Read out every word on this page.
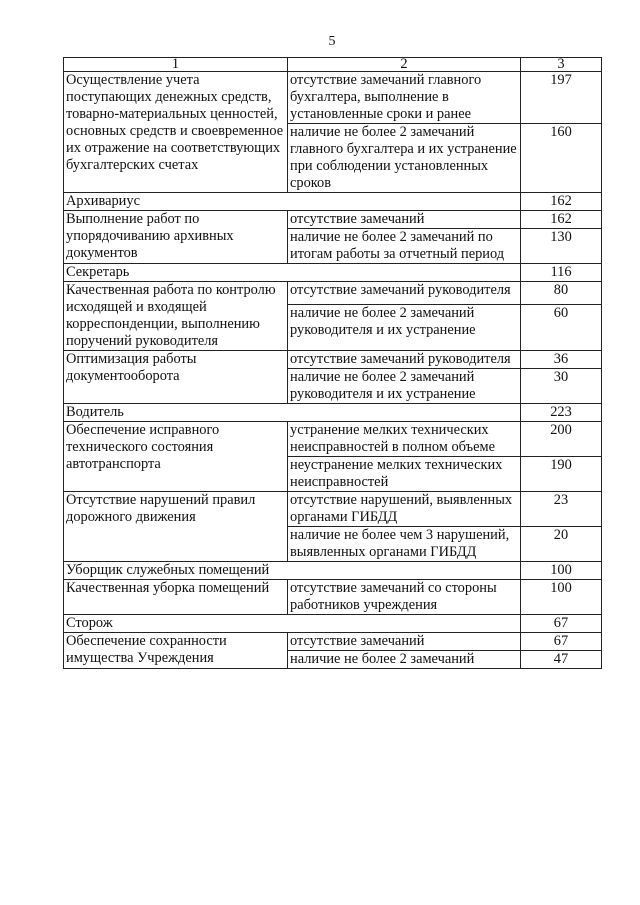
5
1	2	3
Осуществление учета поступающих денежных средств, товарно-материальных ценностей, основных средств и своевременное их отражение на соответствующих бухгалтерских счетах	отсутствие замечаний главного бухгалтера, выполнение в установленные сроки и ранее	197
	наличие не более 2 замечаний главного бухгалтера и их устранение при соблюдении установленных сроков	160
Архивариус		162
Выполнение работ по упорядочиванию архивных документов	отсутствие замечаний	162
	наличие не более 2 замечаний по итогам работы за отчетный период	130
Секретарь		116
Качественная работа по контролю исходящей и входящей корреспонденции, выполнению поручений руководителя	отсутствие замечаний руководителя	80
	наличие не более 2 замечаний руководителя и их устранение	60
Оптимизация работы документооборота	отсутствие замечаний руководителя	36
	наличие не более 2 замечаний руководителя и их устранение	30
Водитель		223
Обеспечение исправного технического состояния автотранспорта	устранение мелких технических неисправностей в полном объеме	200
	неустранение мелких технических неисправностей	190
Отсутствие нарушений правил дорожного движения	отсутствие нарушений, выявленных органами ГИБДД	23
	наличие не более чем 3 нарушений, выявленных органами ГИБДД	20
Уборщик служебных помещений		100
Качественная уборка помещений	отсутствие замечаний со стороны работников учреждения	100
Сторож		67
Обеспечение сохранности имущества Учреждения	отсутствие замечаний	67
	наличие не более 2 замечаний	47
